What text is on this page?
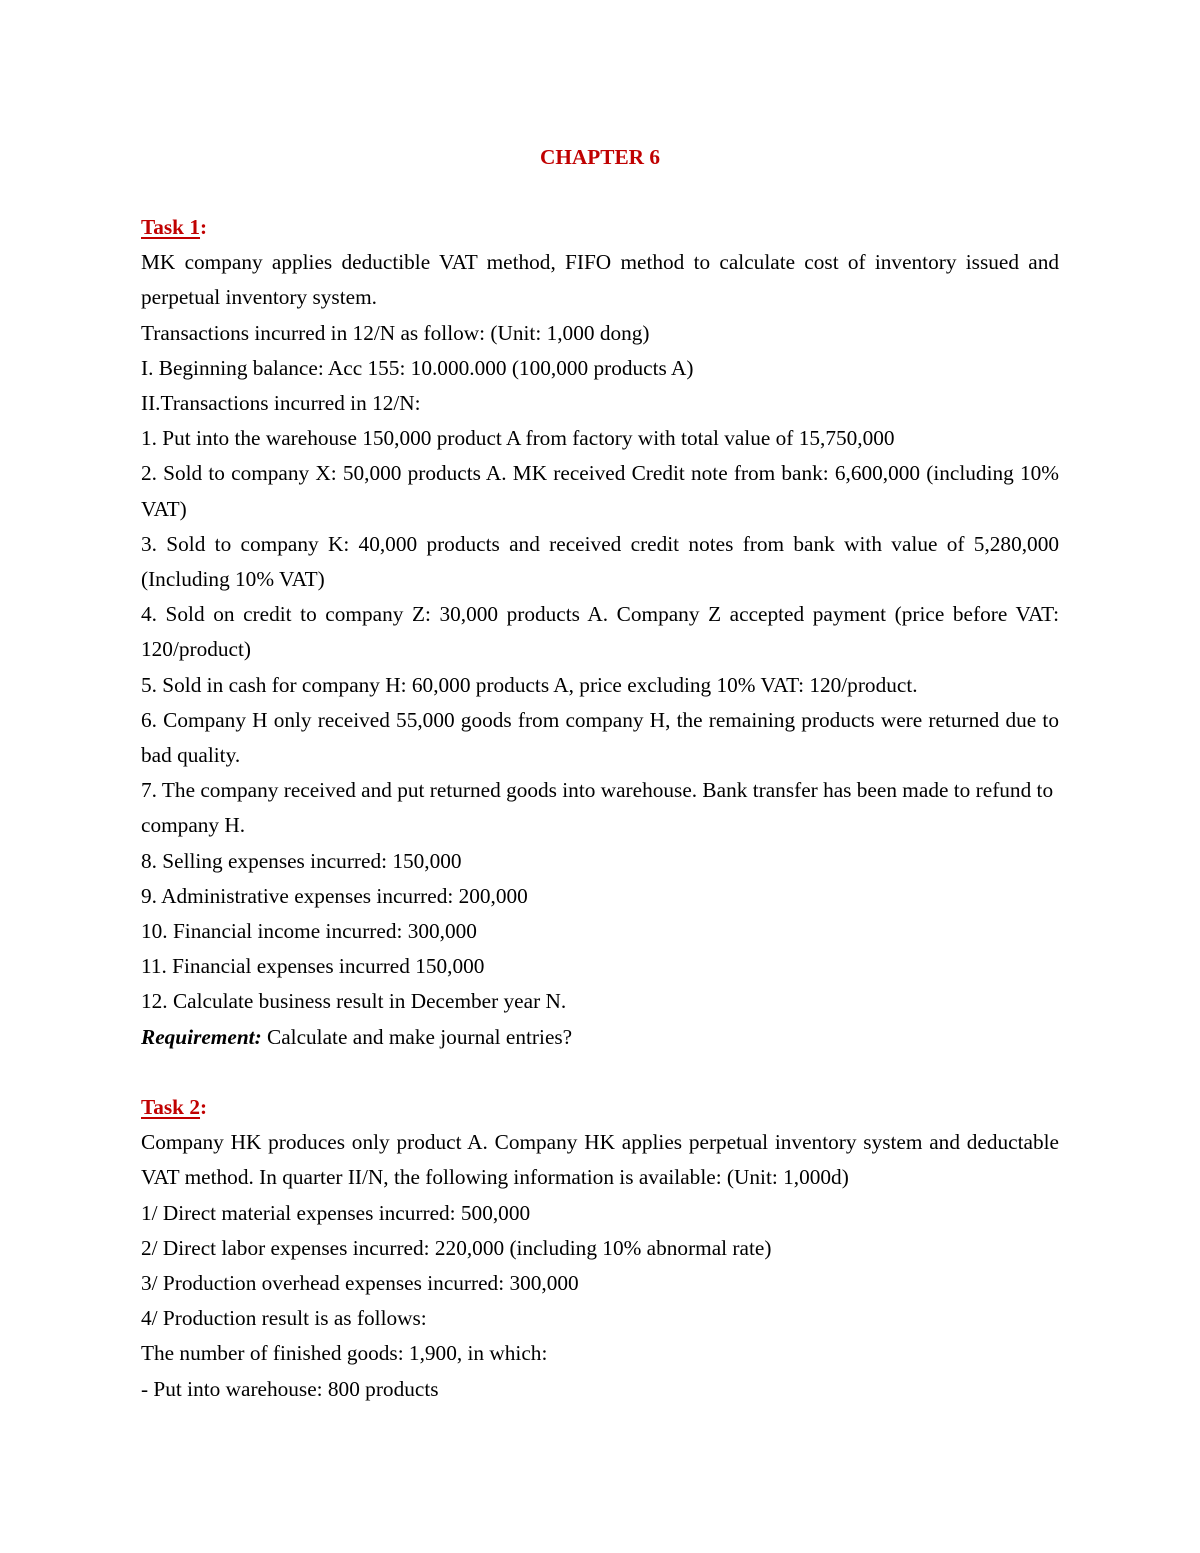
CHAPTER 6

Task 1:

MK company applies deductible VAT method, FIFO method to calculate cost of inventory issued and perpetual inventory system.

Transactions incurred in 12/N as follow: (Unit: 1,000 dong)

I. Beginning balance: Acc 155: 10.000.000 (100,000 products A)

II.Transactions incurred in 12/N:

1. Put into the warehouse 150,000 product A from factory with total value of 15,750,000

2. Sold to company X: 50,000 products A. MK received Credit note from bank: 6,600,000 (including 10% VAT)

3. Sold to company K: 40,000 products and received credit notes from bank with value of 5,280,000 (Including 10% VAT)

4. Sold on credit to company Z: 30,000 products A. Company Z accepted payment (price before VAT: 120/product)

5. Sold in cash for company H: 60,000 products A, price excluding 10% VAT: 120/product.

6. Company H only received 55,000 goods from company H, the remaining products were returned due to bad quality.

7. The company received and put returned goods into warehouse. Bank transfer has been made to refund to company H.

8. Selling expenses incurred: 150,000

9. Administrative expenses incurred: 200,000

10. Financial income incurred: 300,000

11. Financial expenses incurred 150,000

12. Calculate business result in December year N.

Requirement: Calculate and make journal entries?

Task 2:

Company HK produces only product A. Company HK applies perpetual inventory system and deductable VAT method. In quarter II/N, the following information is available: (Unit: 1,000d)

1/ Direct material expenses incurred: 500,000

2/ Direct labor expenses incurred: 220,000 (including 10% abnormal rate)

3/ Production overhead expenses incurred: 300,000

4/ Production result is as follows:

The number of finished goods: 1,900, in which:

- Put into warehouse: 800 products
